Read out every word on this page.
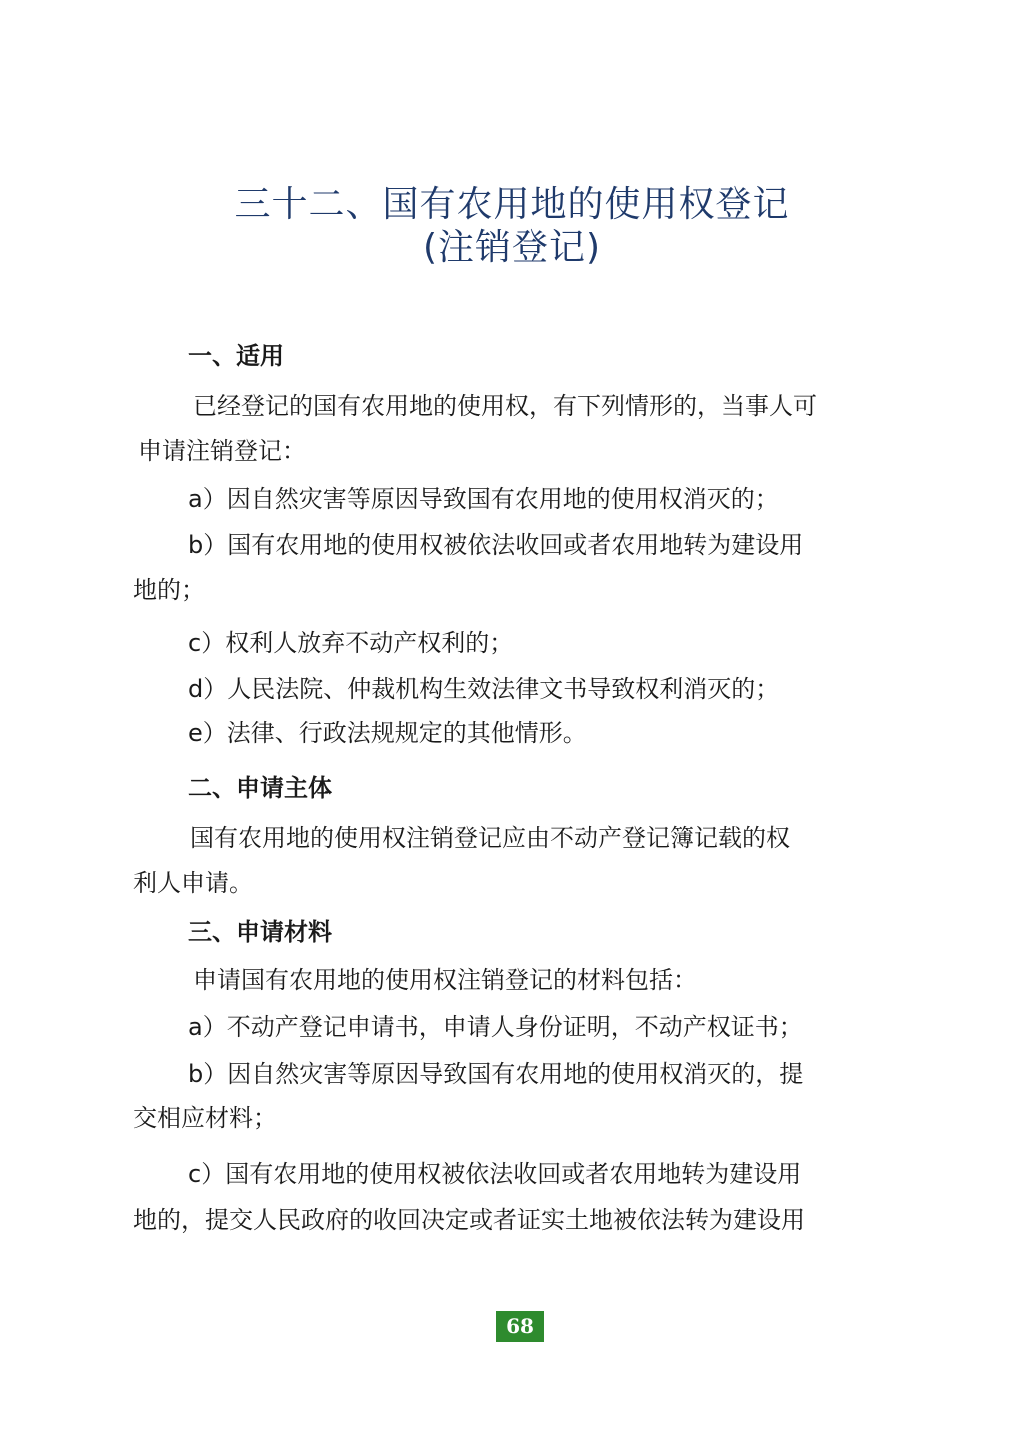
三十二、国有农用地的使用权登记
(注销登记)
一、适用
已经登记的国有农用地的使用权，有下列情形的，当事人可
申请注销登记：
a）因自然灾害等原因导致国有农用地的使用权消灭的；
b）国有农用地的使用权被依法收回或者农用地转为建设用
地的；
c）权利人放弃不动产权利的；
d）人民法院、仲裁机构生效法律文书导致权利消灭的；
e）法律、行政法规规定的其他情形。
二、申请主体
国有农用地的使用权注销登记应由不动产登记簿记载的权
利人申请。
三、申请材料
申请国有农用地的使用权注销登记的材料包括：
a）不动产登记申请书，申请人身份证明，不动产权证书；
b）因自然灾害等原因导致国有农用地的使用权消灭的，提
交相应材料；
c）国有农用地的使用权被依法收回或者农用地转为建设用
地的，提交人民政府的收回决定或者证实土地被依法转为建设用
68
